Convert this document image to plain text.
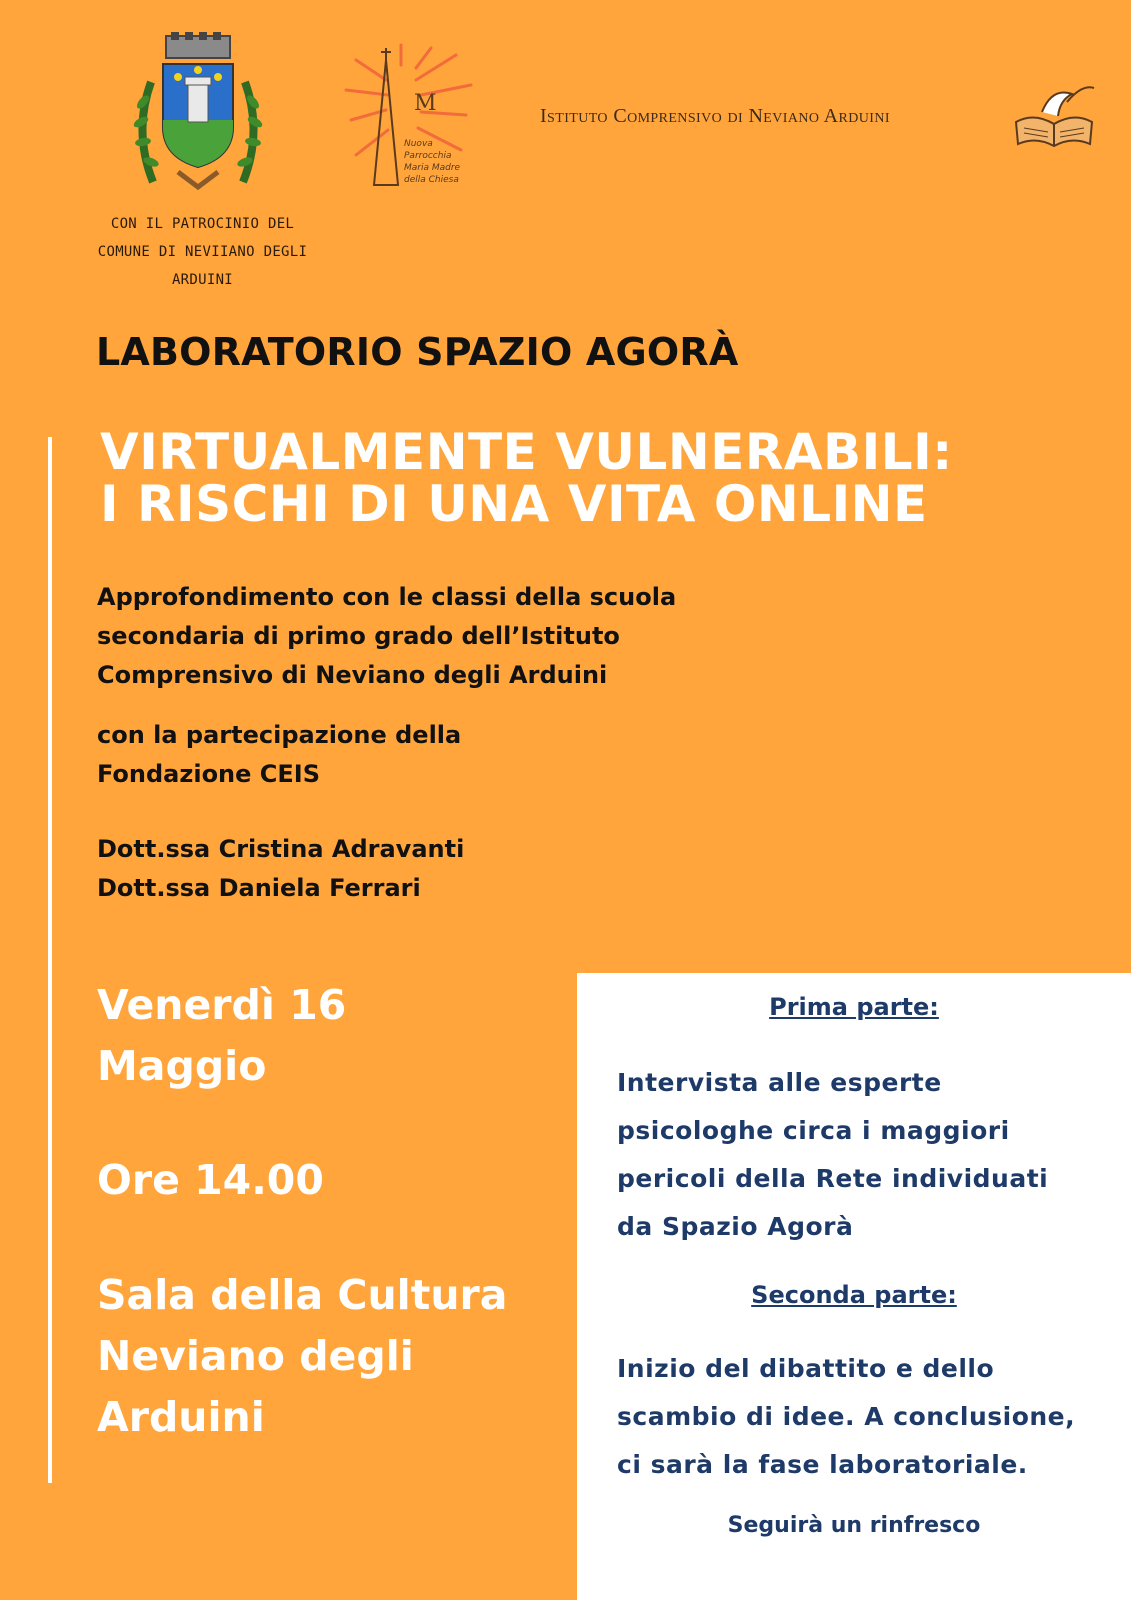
M
Nuova
Parrocchia
Maria Madre
della Chiesa
Istituto Comprensivo di Neviano Arduini
CON IL PATROCINIO DEL
COMUNE DI NEVIIANO DEGLI ARDUINI
LABORATORIO SPAZIO AGORÀ
VIRTUALMENTE VULNERABILI:
I RISCHI DI UNA VITA ONLINE
Approfondimento con le classi della scuola
secondaria di primo grado dell’Istituto
Comprensivo di Neviano degli Arduini
con la partecipazione della
Fondazione CEIS
Dott.ssa Cristina Adravanti
Dott.ssa Daniela Ferrari
Venerdì 16
Maggio
Ore 14.00
Sala della Cultura
Neviano degli
Arduini
Prima parte:
Intervista alle esperte
psicologhe circa i maggiori
pericoli della Rete individuati
da Spazio Agorà
Seconda parte:
Inizio del dibattito e dello
scambio di idee. A conclusione,
ci sarà la fase laboratoriale.
Seguirà un rinfresco
